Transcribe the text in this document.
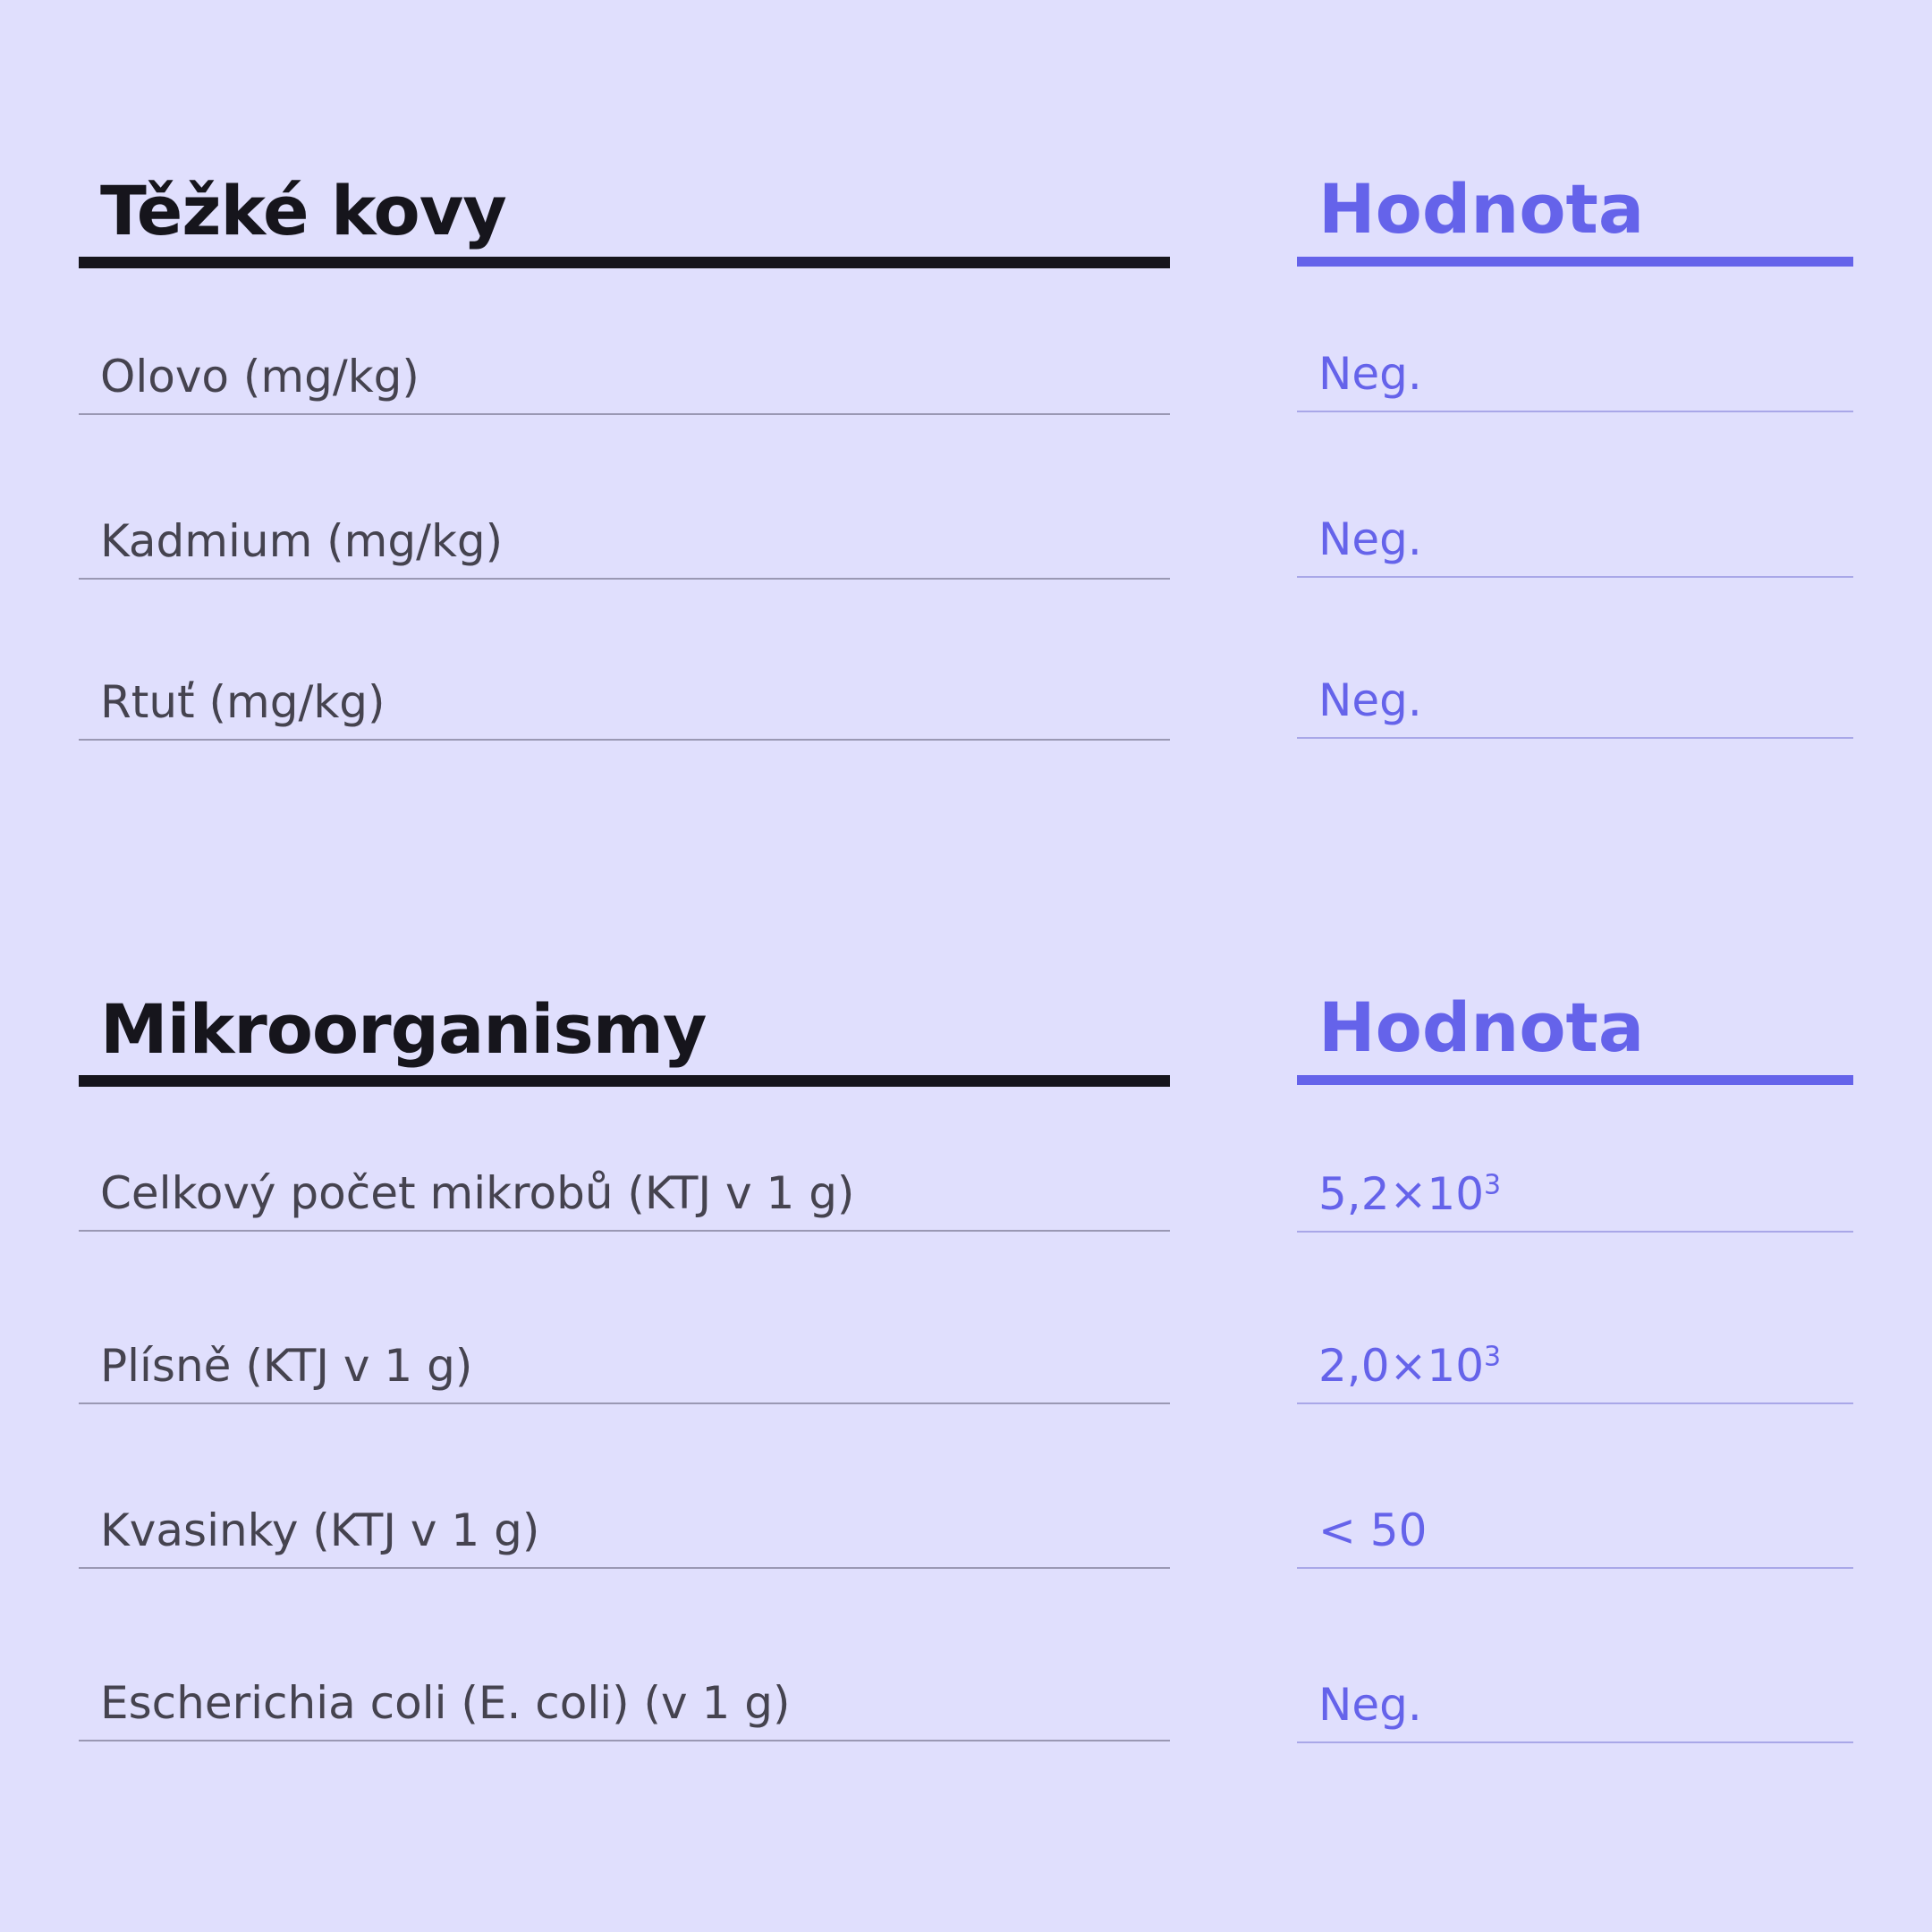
Těžké kovy
Olovo (mg/kg)
Kadmium (mg/kg)
Rtuť (mg/kg)
Hodnota
Neg.
Neg.
Neg.
Mikroorganismy
Celkový počet mikrobů (KTJ v 1 g)
Plísně (KTJ v 1 g)
Kvasinky (KTJ v 1 g)
Escherichia coli (E. coli) (v 1 g)
Hodnota
$5,2\times 10^3$
$2,0\times 10^3$
< 50
Neg.
